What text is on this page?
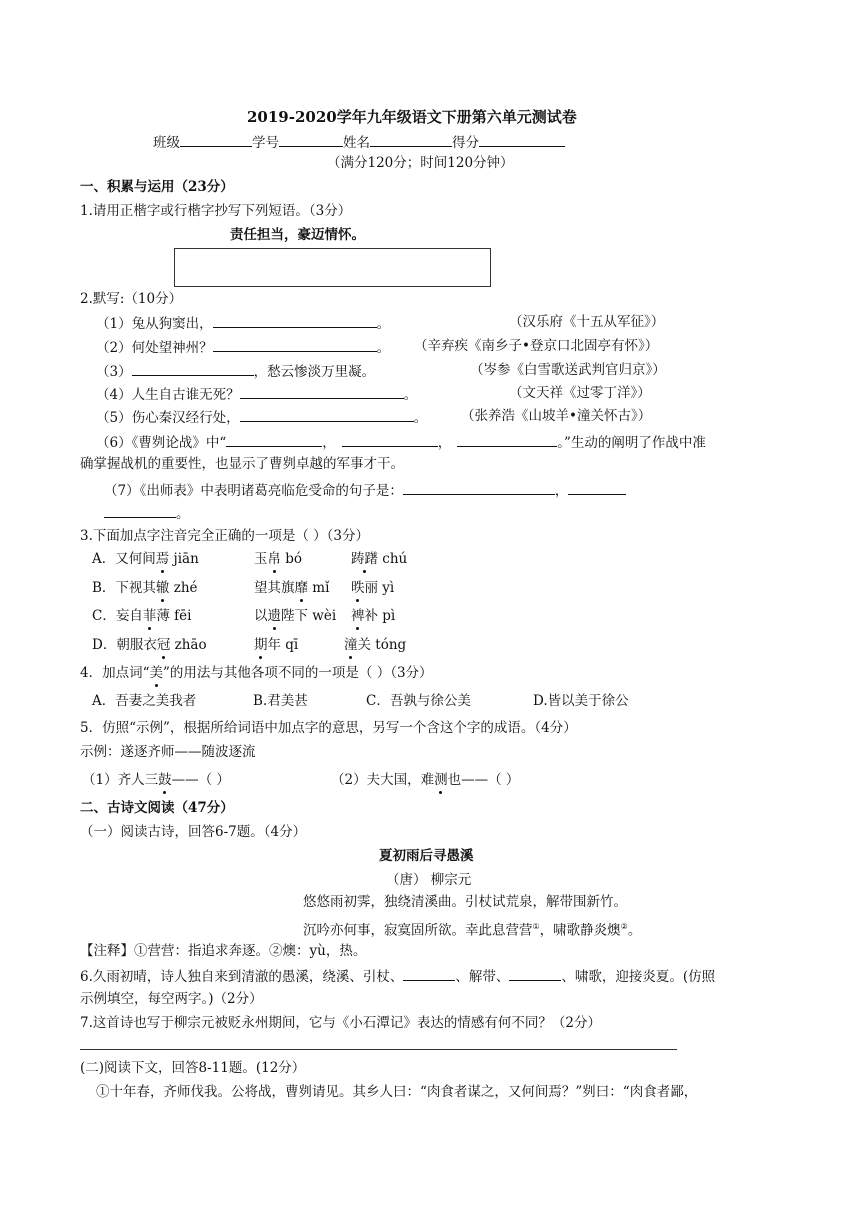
2019-2020学年九年级语文下册第六单元测试卷
班级	学号	姓名	得分
（满分120分；时间120分钟）
一、积累与运用（23分）
1.请用正楷字或行楷字抄写下列短语。（3分）
责任担当，豪迈情怀。
2.默写:（10分）
（1）兔从狗窦出，	。	（汉乐府《十五从军征》）
（2）何处望神州？	。 （辛弃疾《南乡子•登京口北固亭有怀》）
（3）	，愁云惨淡万里凝。	（岑参《白雪歌送武判官归京》）
（4）人生自古谁无死？	。	（文天祥《过零丁洋》）
（5）伤心秦汉经行处，	。	（张养浩《山坡羊•潼关怀古》）
（6）《曹刿论战》中“	，	，	。”生动的阐明了作战中准
确掌握战机的重要性，也显示了曹刿卓越的军事才干。
（7）《出师表》中表明诸葛亮临危受命的句子是：	，
。
3.下面加点字注音完全正确的一项是（ ）（3分）
A．又何间焉 jiān	玉帛 bó	踌躇 chú
B．下视其辙 zhé	望其旗靡 mǐ 昳丽 yì
C．妄自菲薄 fēi	以遗陛下 wèi 裨补 pì
D．朝服衣冠 zhāo	期年 qī	潼关 tóng
4．加点词“美”的用法与其他各项不同的一项是（ ）（3分）
A．吾妻之美我者	B.君美甚	C．吾孰与徐公美	D.皆以美于徐公
5．仿照“示例”，根据所给词语中加点字的意思，另写一个含这个字的成语。（4分）
示例：遂逐齐师——随波逐流
（1）齐人三鼓——（ ）	（2）夫大国，难测也——（ ）
二、古诗文阅读（47分）
（一）阅读古诗，回答6-7题。（4分）
夏初雨后寻愚溪
（唐） 柳宗元
悠悠雨初霁，独绕清溪曲。引杖试荒泉，解带围新竹。
沉吟亦何事，寂寞固所欲。幸此息营营①，啸歌静炎燠②。
【注释】①营营：指追求奔逐。②燠：yù，热。
6.久雨初晴，诗人独自来到清澈的愚溪，绕溪、引杖、	、解带、	、啸歌，迎接炎夏。(仿照
示例填空，每空两字。)（2分）
7.这首诗也写于柳宗元被贬永州期间，它与《小石潭记》表达的情感有何不同？（2分）
(二)阅读下文，回答8-11题。(12分）
①十年春，齐师伐我。公将战，曹刿请见。其乡人曰：“肉食者谋之，又何间焉？”刿曰：“肉食者鄙，
